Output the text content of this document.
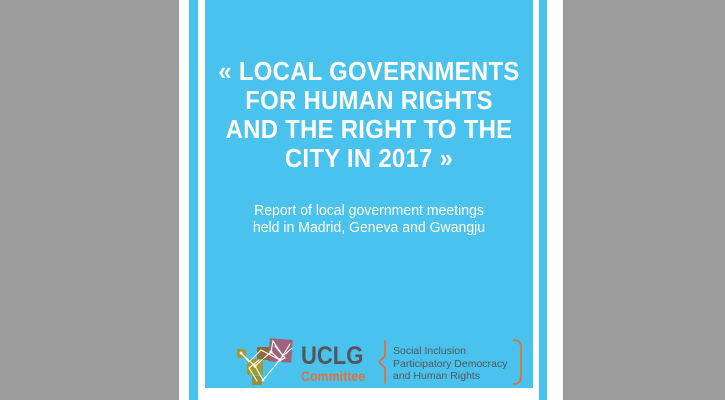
« LOCAL GOVERNMENTS
FOR HUMAN RIGHTS
AND THE RIGHT TO THE
CITY IN 2017 »

Report of local government meetings
held in Madrid, Geneva and Gwangju

UCLG
Committee
Social Inclusion
Participatory Democracy
and Human Rights
